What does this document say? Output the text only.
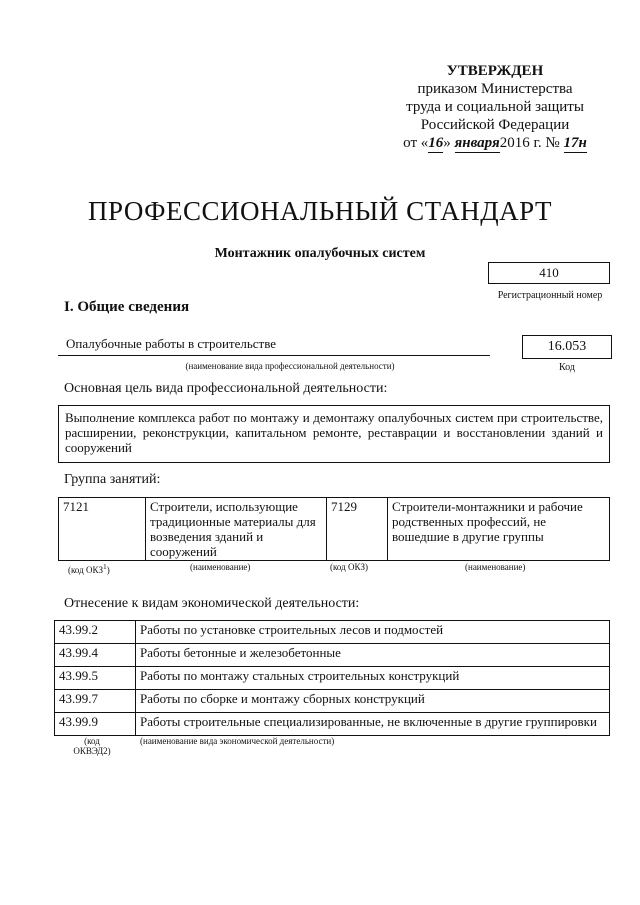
УТВЕРЖДЕН
приказом Министерства
труда и социальной защиты
Российской Федерации
от «16» января2016 г. № 17н
ПРОФЕССИОНАЛЬНЫЙ СТАНДАРТ
Монтажник опалубочных систем
410
Регистрационный номер
I. Общие сведения
Опалубочные работы в строительстве
(наименование вида профессиональной деятельности)
16.053
Код
Основная цель вида профессиональной деятельности:
Выполнение комплекса работ по монтажу и демонтажу опалубочных систем при строительстве, расширении, реконструкции, капитальном ремонте, реставрации и восстановлении зданий и сооружений
Группа занятий:
7121	Строители, использующие традиционные материалы для возведения зданий и сооружений	7129	Строители-монтажники и рабочие родственных профессий, не вошедшие в другие группы
(код ОКЗ$^1$)	(наименование)	(код ОКЗ)	(наименование)
Отнесение к видам экономической деятельности:
43.99.2	Работы по установке строительных лесов и подмостей
43.99.4	Работы бетонные и железобетонные
43.99.5	Работы по монтажу стальных строительных конструкций
43.99.7	Работы по сборке и монтажу сборных конструкций
43.99.9	Работы строительные специализированные, не включенные в другие группировки
(код
ОКВЭД2)
(наименование вида экономической деятельности)
